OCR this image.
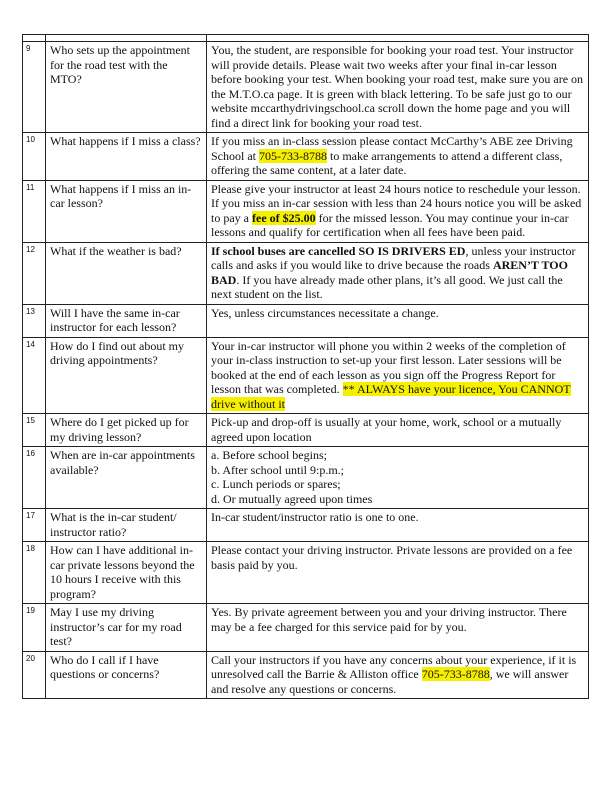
9	Who sets up the appointment for the road test with the MTO?	You, the student, are responsible for booking your road test. Your instructor will provide details. Please wait two weeks after your final in-car lesson before booking your test. When booking your road test, make sure you are on the M.T.O.ca page. It is green with black lettering. To be safe just go to our website mccarthydrivingschool.ca scroll down the home page and you will find a direct link for booking your road test.
10	What happens if I miss a class?	If you miss an in-class session please contact McCarthy’s ABE zee Driving School at 705-733-8788 to make arrangements to attend a different class, offering the same content, at a later date.
11	What happens if I miss an in-car lesson?	Please give your instructor at least 24 hours notice to reschedule your lesson. If you miss an in-car session with less than 24 hours notice you will be asked to pay a fee of $25.00 for the missed lesson. You may continue your in-car lessons and qualify for certification when all fees have been paid.
12	What if the weather is bad?	If school buses are cancelled SO IS DRIVERS ED, unless your instructor calls and asks if you would like to drive because the roads AREN’T TOO BAD. If you have already made other plans, it’s all good. We just call the next student on the list.
13	Will I have the same in-car instructor for each lesson?	Yes, unless circumstances necessitate a change.
14	How do I find out about my driving appointments?	Your in-car instructor will phone you within 2 weeks of the completion of your in-class instruction to set-up your first lesson. Later sessions will be booked at the end of each lesson as you sign off the Progress Report for lesson that was completed. ** ALWAYS have your licence, You CANNOT drive without it
15	Where do I get picked up for my driving lesson?	Pick-up and drop-off is usually at your home, work, school or a mutually agreed upon location
16	When are in-car appointments available?	a. Before school begins;
b. After school until 9:p.m.;
c. Lunch periods or spares;
d. Or mutually agreed upon times
17	What is the in-car student/ instructor ratio?	In-car student/instructor ratio is one to one.
18	How can I have additional in-car private lessons beyond the 10 hours I receive with this program?	Please contact your driving instructor. Private lessons are provided on a fee basis paid by you.
19	May I use my driving instructor’s car for my road test?	Yes. By private agreement between you and your driving instructor. There may be a fee charged for this service paid for by you.
20	Who do I call if I have questions or concerns?	Call your instructors if you have any concerns about your experience, if it is unresolved call the Barrie & Alliston office 705-733-8788, we will answer and resolve any questions or concerns.
